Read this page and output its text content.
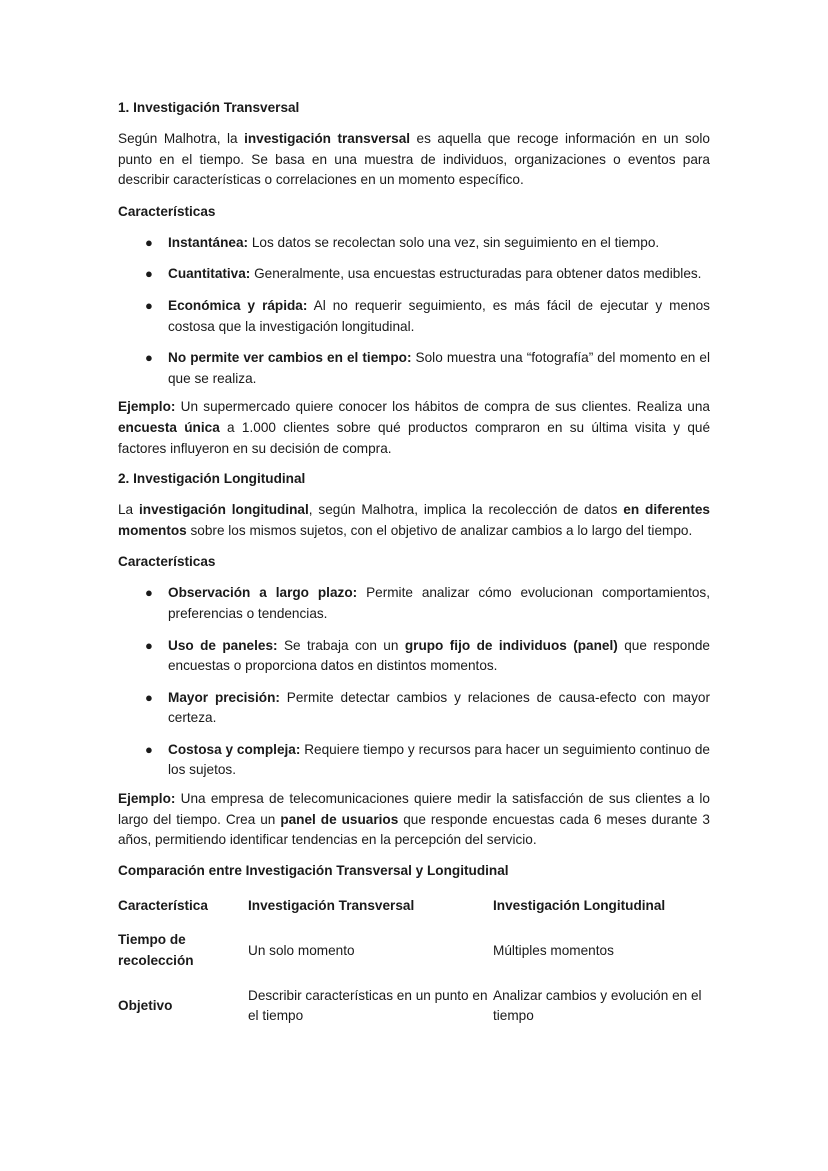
1. Investigación Transversal

Según Malhotra, la investigación transversal es aquella que recoge información en un solo punto en el tiempo. Se basa en una muestra de individuos, organizaciones o eventos para describir características o correlaciones en un momento específico.

Características

● Instantánea: Los datos se recolectan solo una vez, sin seguimiento en el tiempo.
● Cuantitativa: Generalmente, usa encuestas estructuradas para obtener datos medibles.
● Económica y rápida: Al no requerir seguimiento, es más fácil de ejecutar y menos costosa que la investigación longitudinal.
● No permite ver cambios en el tiempo: Solo muestra una “fotografía” del momento en el que se realiza.

Ejemplo: Un supermercado quiere conocer los hábitos de compra de sus clientes. Realiza una encuesta única a 1.000 clientes sobre qué productos compraron en su última visita y qué factores influyeron en su decisión de compra.

2. Investigación Longitudinal

La investigación longitudinal, según Malhotra, implica la recolección de datos en diferentes momentos sobre los mismos sujetos, con el objetivo de analizar cambios a lo largo del tiempo.

Características

● Observación a largo plazo: Permite analizar cómo evolucionan comportamientos, preferencias o tendencias.
● Uso de paneles: Se trabaja con un grupo fijo de individuos (panel) que responde encuestas o proporciona datos en distintos momentos.
● Mayor precisión: Permite detectar cambios y relaciones de causa-efecto con mayor certeza.
● Costosa y compleja: Requiere tiempo y recursos para hacer un seguimiento continuo de los sujetos.

Ejemplo: Una empresa de telecomunicaciones quiere medir la satisfacción de sus clientes a lo largo del tiempo. Crea un panel de usuarios que responde encuestas cada 6 meses durante 3 años, permitiendo identificar tendencias en la percepción del servicio.

Comparación entre Investigación Transversal y Longitudinal

Característica	Investigación Transversal	Investigación Longitudinal

Tiempo de recolección	Un solo momento	Múltiples momentos

Objetivo	Describir características en un punto en el tiempo	Analizar cambios y evolución en el tiempo
